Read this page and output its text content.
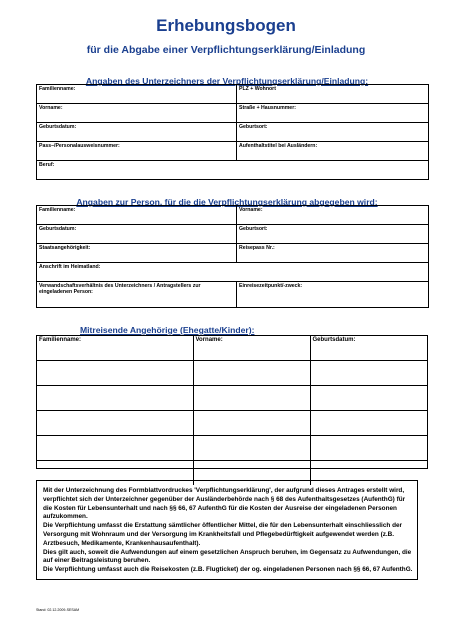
Erhebungsbogen
für die Abgabe einer Verpflichtungserklärung/Einladung
Angaben des Unterzeichners der Verpflichtungserklärung/Einladung:
Familienname:	PLZ + Wohnort
Vorname:	Straße + Hausnummer:
Geburtsdatum:	Geburtsort:
Pass–/Personalausweisnummer:	Aufenthaltstitel bei Ausländern:
Beruf:	
Angaben zur Person, für die die Verpflichtungserklärung abgegeben wird:
Familienname:	Vorname:
Geburtsdatum:	Geburtsort:
Staatsangehörigkeit:	Reisepass Nr.:
Anschrift im Heimatland:	
Verwandschaftsverhältnis des Unterzeichners / Antragstellers zur eingeladenen Person:	Einreisezeitpunkt/-zweck:
Mitreisende Angehörige (Ehegatte/Kinder):
Familienname:	Vorname:	Geburtsdatum:

Mit der Unterzeichnung des Formblattvordruckes 'Verpflichtungserklärung', der aufgrund dieses Antrages erstellt wird, verpflichtet sich der Unterzeichner gegenüber der Ausländerbehörde nach § 68 des Aufenthaltsgesetzes (AufenthG) für die Kosten für Lebensunterhalt und nach §§ 66, 67 AufenthG für die Kosten der Ausreise der eingeladenen Personen aufzukommen.

Die Verpflichtung umfasst die Erstattung sämtlicher öffentlicher Mittel, die für den Lebensunterhalt einschliesslich der Versorgung mit Wohnraum und der Versorgung im Krankheitsfall und Pflegebedürftigkeit aufgewendet werden (z.B. Arztbesuch, Medikamente, Krankenhausaufenthalt).

Dies gilt auch, soweit die Aufwendungen auf einem gesetzlichen Anspruch beruhen, im Gegensatz zu Aufwendungen, die auf einer Beitragsleistung beruhen.

Die Verpflichtung umfasst auch die Reisekosten (z.B. Flugticket) der og. eingeladenen Personen nach §§ 66, 67 AufenthG.

Stand: 02.12.2009-SESAM
